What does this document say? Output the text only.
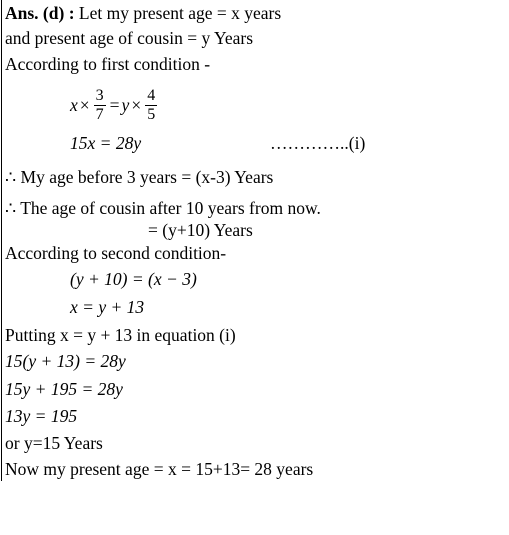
Ans. (d) : Let my present age = x years
and present age of cousin = y Years
According to first condition -
$x \times \frac{3}{7} = y \times \frac{4}{5}$
15x = 28y	…………..(i)
∴ My age before 3 years = (x-3) Years
∴ The age of cousin after 10 years from now.
= (y+10) Years
According to second condition-
(y + 10) = (x − 3)
x = y + 13
Putting x = y + 13 in equation (i)
15(y + 13) = 28y
15y + 195 = 28y
13y = 195
or y=15 Years
Now my present age = x = 15+13= 28 years
